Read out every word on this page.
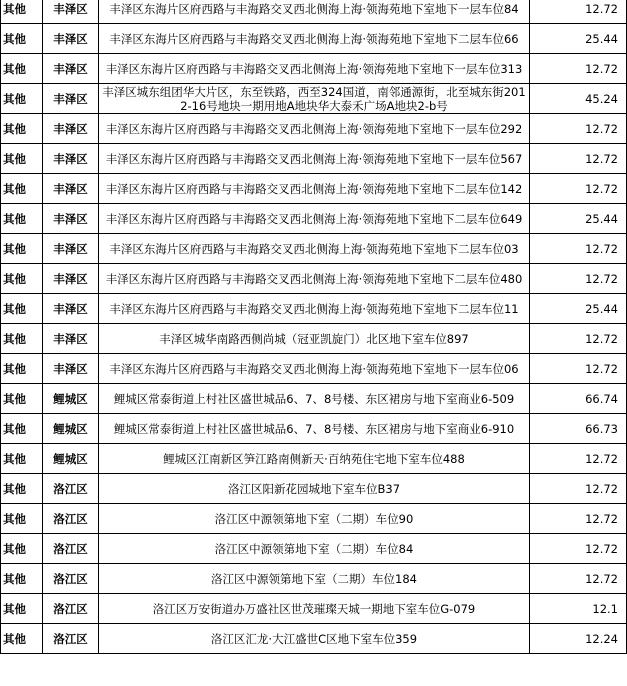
其他	丰泽区	丰泽区东海片区府西路与丰海路交叉西北侧海上海·领海苑地下室地下一层车位84	12.72
其他	丰泽区	丰泽区东海片区府西路与丰海路交叉西北侧海上海·领海苑地下室地下二层车位66	25.44
其他	丰泽区	丰泽区东海片区府西路与丰海路交叉西北侧海上海·领海苑地下室地下一层车位313	12.72
其他	丰泽区	丰泽区城东组团华大片区，东至铁路，西至324国道，南邻通源街，北至城东街2012-16号地块一期用地A地块华大泰禾广场A地块2-b号	45.24
其他	丰泽区	丰泽区东海片区府西路与丰海路交叉西北侧海上海·领海苑地下室地下一层车位292	12.72
其他	丰泽区	丰泽区东海片区府西路与丰海路交叉西北侧海上海·领海苑地下室地下一层车位567	12.72
其他	丰泽区	丰泽区东海片区府西路与丰海路交叉西北侧海上海·领海苑地下室地下二层车位142	12.72
其他	丰泽区	丰泽区东海片区府西路与丰海路交叉西北侧海上海·领海苑地下室地下二层车位649	25.44
其他	丰泽区	丰泽区东海片区府西路与丰海路交叉西北侧海上海·领海苑地下室地下二层车位03	12.72
其他	丰泽区	丰泽区东海片区府西路与丰海路交叉西北侧海上海·领海苑地下室地下二层车位480	12.72
其他	丰泽区	丰泽区东海片区府西路与丰海路交叉西北侧海上海·领海苑地下室地下二层车位11	25.44
其他	丰泽区	丰泽区城华南路西侧尚城（冠亚凯旋门）北区地下室车位897	12.72
其他	丰泽区	丰泽区东海片区府西路与丰海路交叉西北侧海上海·领海苑地下室地下一层车位06	12.72
其他	鲤城区	鲤城区常泰街道上村社区盛世城品6、7、8号楼、东区裙房与地下室商业6-509	66.74
其他	鲤城区	鲤城区常泰街道上村社区盛世城品6、7、8号楼、东区裙房与地下室商业6-910	66.73
其他	鲤城区	鲤城区江南新区笋江路南侧新天·百纳苑住宅地下室车位488	12.72
其他	洛江区	洛江区阳新花园城地下室车位B37	12.72
其他	洛江区	洛江区中源领第地下室（二期）车位90	12.72
其他	洛江区	洛江区中源领第地下室（二期）车位84	12.72
其他	洛江区	洛江区中源领第地下室（二期）车位184	12.72
其他	洛江区	洛江区万安街道办万盛社区世茂璀璨天城一期地下室车位G-079	12.1
其他	洛江区	洛江区汇龙·大江盛世C区地下室车位359	12.24
